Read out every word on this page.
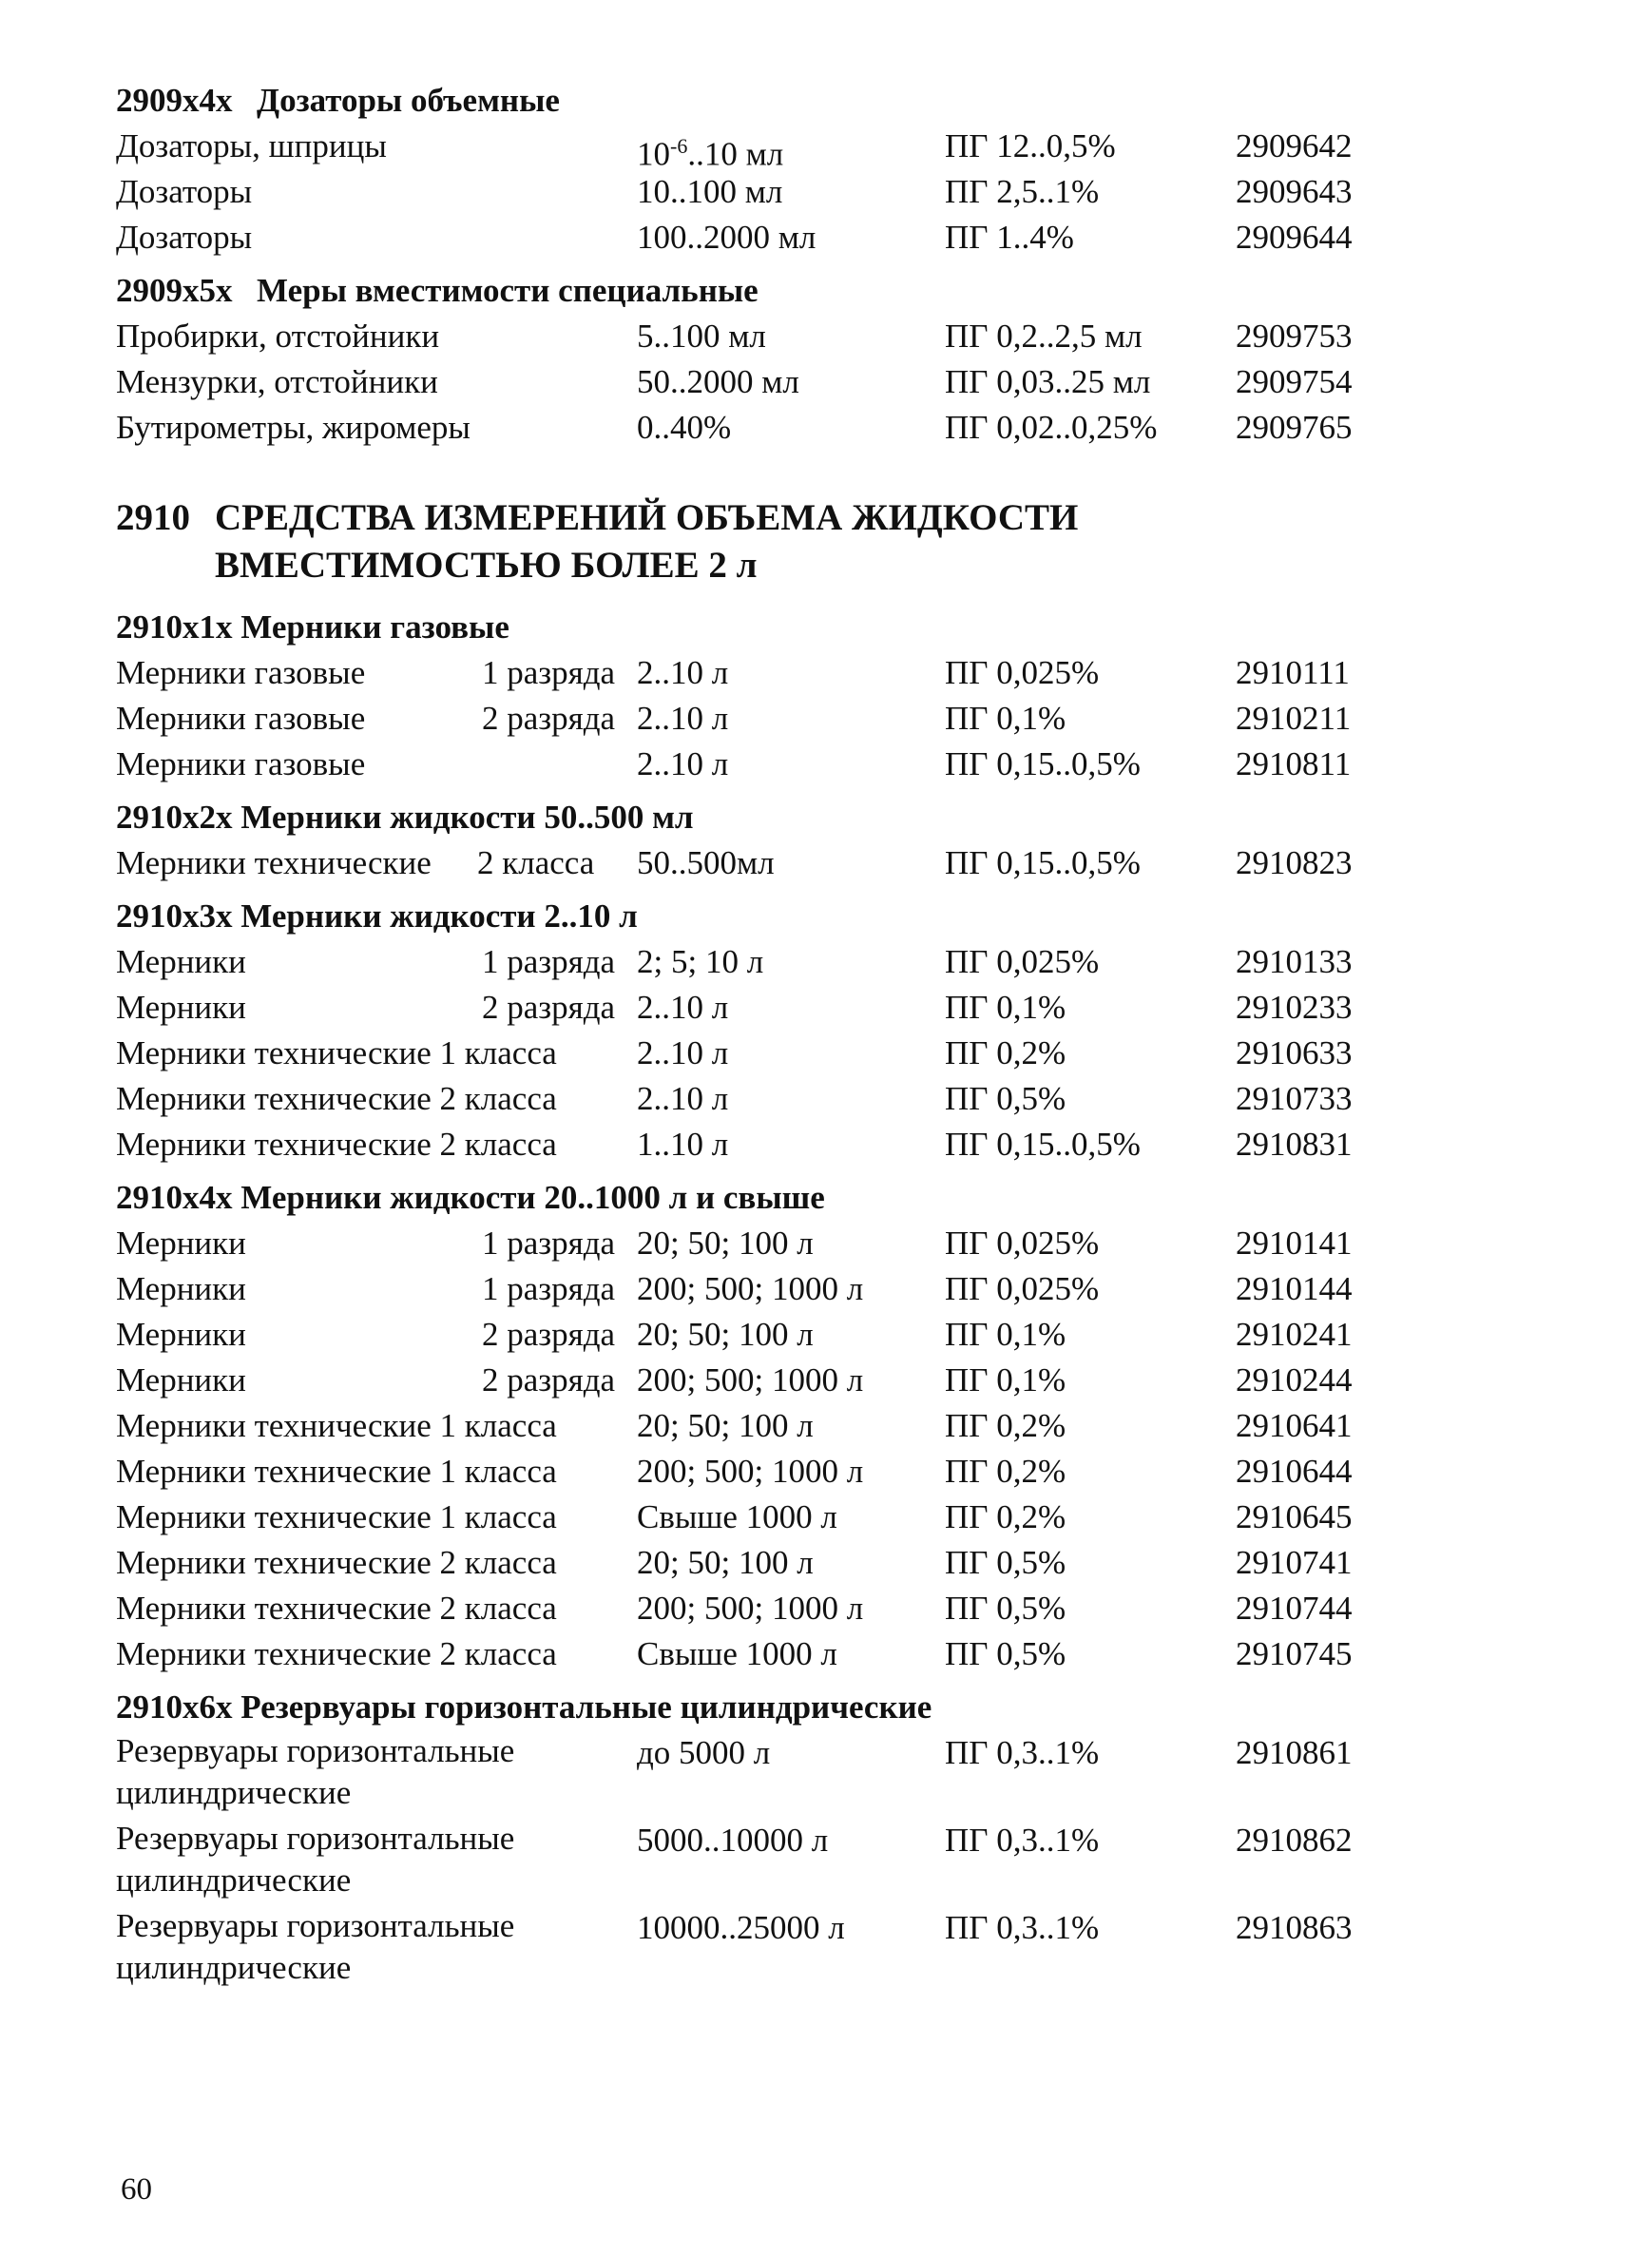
2909x4x Дозаторы объемные
Дозаторы, шприцы	$10^{-6}..10$ мл	ПГ 12..0,5%	2909642
Дозаторы	10..100 мл	ПГ 2,5..1%	2909643
Дозаторы	100..2000 мл	ПГ 1..4%	2909644
2909x5x Меры вместимости специальные
Пробирки, отстойники	5..100 мл	ПГ 0,2..2,5 мл	2909753
Мензурки, отстойники	50..2000 мл	ПГ 0,03..25 мл	2909754
Бутирометры, жиромеры	0..40%	ПГ 0,02..0,25% 2909765
2910 СРЕДСТВА ИЗМЕРЕНИЙ ОБЪЕМА ЖИДКОСТИ ВМЕСТИМОСТЬЮ БОЛЕЕ 2 л
2910x1x Мерники газовые
Мерники газовые	1 разряда 2..10 л	ПГ 0,025%	2910111
Мерники газовые	2 разряда 2..10 л	ПГ 0,1%	2910211
Мерники газовые	2..10 л	ПГ 0,15..0,5%	2910811
2910x2x Мерники жидкости 50..500 мл
Мерники технические 2 класса 50..500мл	ПГ 0,15..0,5%	2910823
2910x3x Мерники жидкости 2..10 л
Мерники	1 разряда 2; 5; 10 л	ПГ 0,025%	2910133
Мерники	2 разряда 2..10 л	ПГ 0,1%	2910233
Мерники технические 1 класса 2..10 л	ПГ 0,2%	2910633
Мерники технические 2 класса 2..10 л	ПГ 0,5%	2910733
Мерники технические 2 класса 1..10 л	ПГ 0,15..0,5%	2910831
2910x4x Мерники жидкости 20..1000 л и свыше
Мерники	1 разряда 20; 50; 100 л	ПГ 0,025%	2910141
Мерники	1 разряда 200; 500; 1000 л ПГ 0,025%	2910144
Мерники	2 разряда 20; 50; 100 л	ПГ 0,1%	2910241
Мерники	2 разряда 200; 500; 1000 л ПГ 0,1%	2910244
Мерники технические 1 класса 20; 50; 100 л	ПГ 0,2%	2910641
Мерники технические 1 класса 200; 500; 1000 л ПГ 0,2%	2910644
Мерники технические 1 класса Свыше 1000 л	ПГ 0,2%	2910645
Мерники технические 2 класса 20; 50; 100 л	ПГ 0,5%	2910741
Мерники технические 2 класса 200; 500; 1000 л ПГ 0,5%	2910744
Мерники технические 2 класса Свыше 1000 л	ПГ 0,5%	2910745
2910x6x Резервуары горизонтальные цилиндрические
Резервуары горизонтальные цилиндрические
до 5000 л	ПГ 0,3..1%	2910861
Резервуары горизонтальные цилиндрические
5000..10000 л	ПГ 0,3..1%	2910862
Резервуары горизонтальные цилиндрические
10000..25000 л	ПГ 0,3..1%	2910863
60
